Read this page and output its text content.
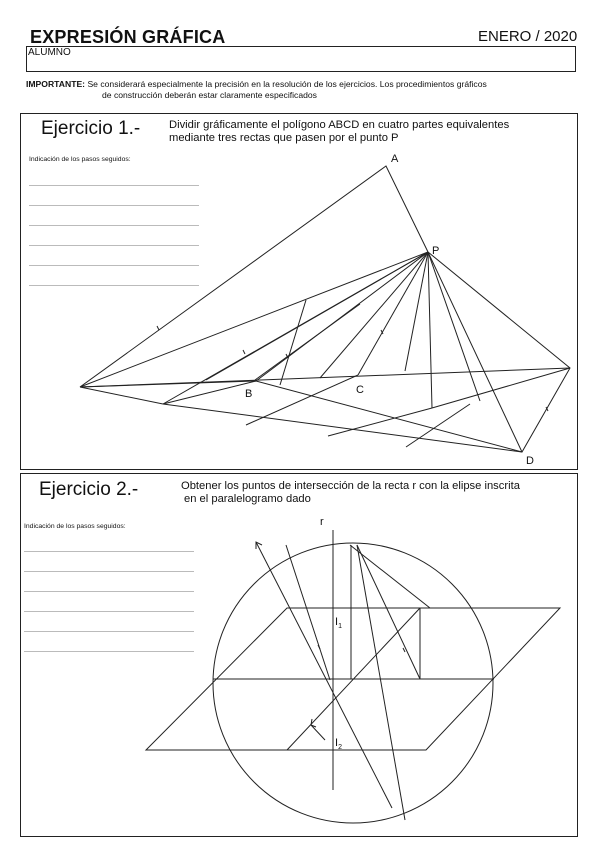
EXPRESIÓN GRÁFICA	ENERO / 2020
ALUMNO
IMPORTANTE: Se considerará especialmente la precisión en la resolución de los ejercicios. Los procedimientos gráficos
de construcción deberán estar claramente especificados
Ejercicio 1.-	Dividir gráficamente el polígono ABCD en cuatro partes equivalentes
mediante tres rectas que pasen por el punto P
Indicación de los pasos seguidos:
Ejercicio 2.-	Obtener los puntos de intersección de la recta r con la elipse inscrita
en el paralelogramo dado
Indicación de los pasos seguidos:
A
P
B	C
D
r
$I_1$
$I_2$
